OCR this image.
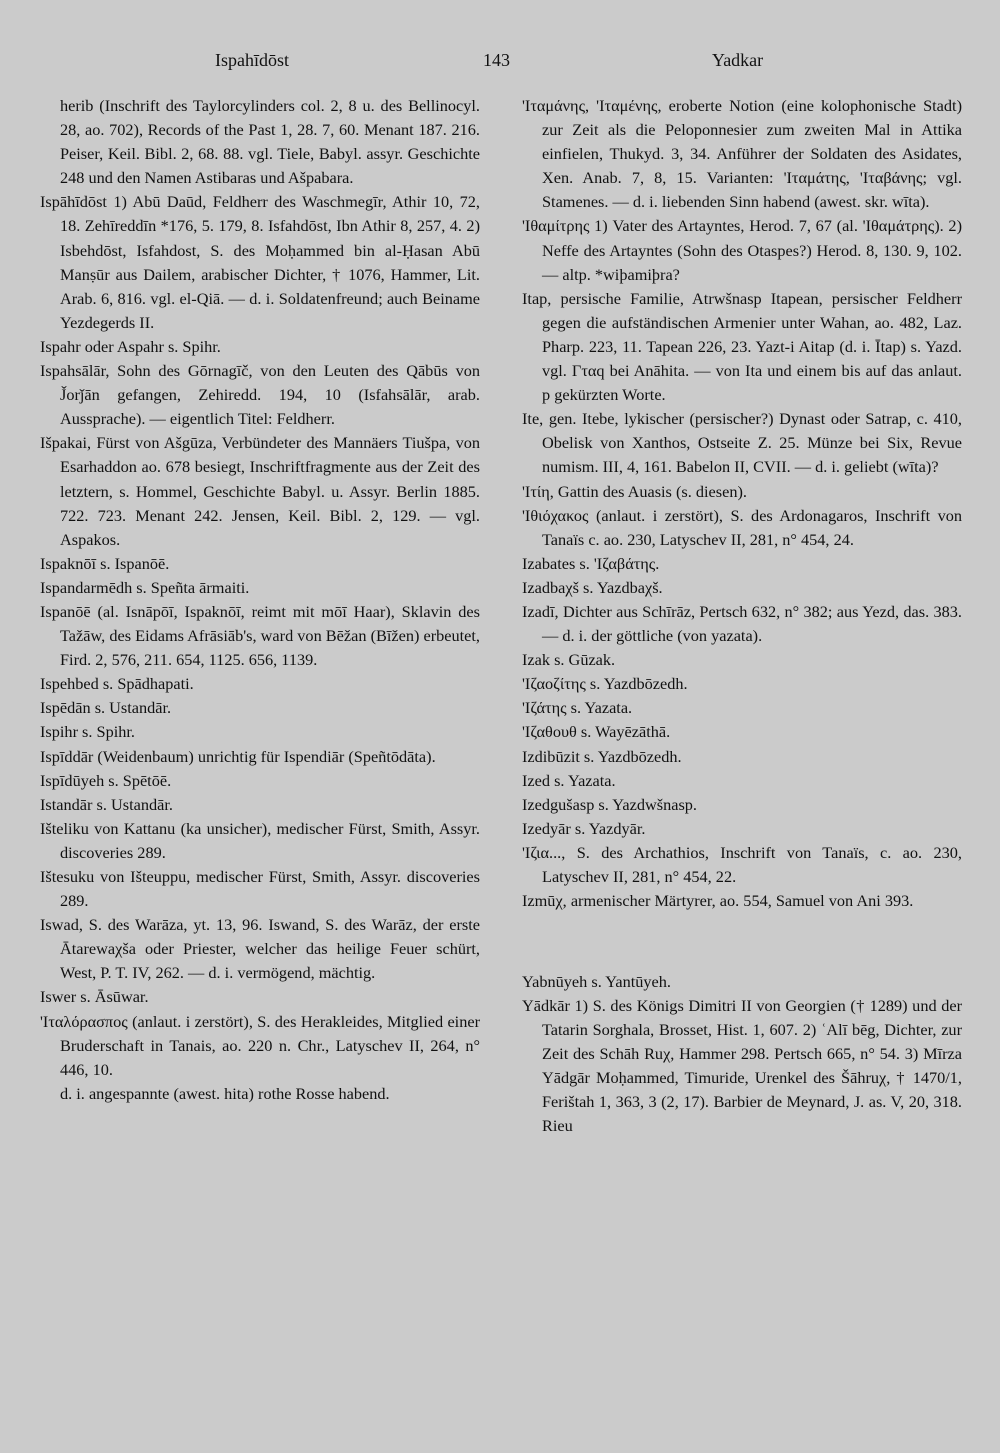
Ispahīdōst	143	Yadkar

herib (Inschrift des Taylorcylinders col. 2, 8 u. des Bellinocyl. 28, ao. 702), Records of the Past 1, 28. 7, 60. Menant 187. 216. Peiser, Keil. Bibl. 2, 68. 88. vgl. Tiele, Babyl. assyr. Geschichte 248 und den Namen Astibaras und Ašpabara.

Ispāhīdōst 1) Abū Daūd, Feldherr des Waschmegīr, Athir 10, 72, 18. Zehīreddīn *176, 5. 179, 8. Isfahdōst, Ibn Athir 8, 257, 4. 2) Isbehdōst, Isfahdost, S. des Moḥammed bin al-Ḥasan Abū Manṣūr aus Dailem, arabischer Dichter, † 1076, Hammer, Lit. Arab. 6, 816. vgl. el-Qiā. — d. i. Soldatenfreund; auch Beiname Yezdegerds II.

Ispahr oder Aspahr s. Spihr.

Ispahsālār, Sohn des Gōrnagīč, von den Leuten des Qābūs von J̌orǰān gefangen, Zehiredd. 194, 10 (Isfahsālār, arab. Aussprache). — eigentlich Titel: Feldherr.

Išpakai, Fürst von Ašgūza, Verbündeter des Mannäers Tiušpa, von Esarhaddon ao. 678 besiegt, Inschriftfragmente aus der Zeit des letztern, s. Hommel, Geschichte Babyl. u. Assyr. Berlin 1885. 722. 723. Menant 242. Jensen, Keil. Bibl. 2, 129. — vgl. Aspakos.

Ispaknōī s. Ispanōē.

Ispandarmēdh s. Speñta ārmaiti.

Ispanōē (al. Isnāpōī, Ispaknōī, reimt mit mōī Haar), Sklavin des Tažāw, des Eidams Afrāsiāb's, ward von Bēžan (Bīžen) erbeutet, Fird. 2, 576, 211. 654, 1125. 656, 1139.

Ispehbed s. Spādhapati.

Ispēdān s. Ustandār.

Ispihr s. Spihr.

Ispīddār (Weidenbaum) unrichtig für Ispendiār (Speñtōdāta).

Ispīdūyeh s. Spētōē.

Istandār s. Ustandār.

Išteliku von Kattanu (ka unsicher), medischer Fürst, Smith, Assyr. discoveries 289.

Ištesuku von Išteuppu, medischer Fürst, Smith, Assyr. discoveries 289.

Iswad, S. des Warāza, yt. 13, 96. Iswand, S. des Warāz, der erste Ātarewaχša oder Priester, welcher das heilige Feuer schürt, West, P. T. IV, 262. — d. i. vermögend, mächtig.

Iswer s. Āsūwar.

'Ιταλόρασπος (anlaut. i zerstört), S. des Herakleides, Mitglied einer Bruderschaft in Tanais, ao. 220 n. Chr., Latyschev II, 264, n° 446, 10.

d. i. angespannte (awest. hita) rothe Rosse habend.

'Ιταμάνης, 'Ιταμένης, eroberte Notion (eine kolophonische Stadt) zur Zeit als die Peloponnesier zum zweiten Mal in Attika einfielen, Thukyd. 3, 34. Anführer der Soldaten des Asidates, Xen. Anab. 7, 8, 15. Varianten: 'Ιταμάτης, 'Ιταβάνης; vgl. Stamenes. — d. i. liebenden Sinn habend (awest. skr. wīta).

'Ιθαμίτρης 1) Vater des Artayntes, Herod. 7, 67 (al. 'Ιθαμάτρης). 2) Neffe des Artayntes (Sohn des Otaspes?) Herod. 8, 130. 9, 102. — altp. *wiþamiþra?

Itap, persische Familie, Atrwšnasp Itapean, persischer Feldherr gegen die aufständischen Armenier unter Wahan, ao. 482, Laz. Pharp. 223, 11. Tapean 226, 23. Yazt-i Aitap (d. i. Ītap) s. Yazd. vgl. Γταq bei Anāhita. — von Ita und einem bis auf das anlaut. p gekürzten Worte.

Ite, gen. Itebe, lykischer (persischer?) Dynast oder Satrap, c. 410, Obelisk von Xanthos, Ostseite Z. 25. Münze bei Six, Revue numism. III, 4, 161. Babelon II, CVII. — d. i. geliebt (wīta)?

'Ιτίη, Gattin des Auasis (s. diesen).

'Ιθιόχακος (anlaut. i zerstört), S. des Ardonagaros, Inschrift von Tanaïs c. ao. 230, Latyschev II, 281, n° 454, 24.

Izabates s. 'Ιζαβάτης.

Izadbaχš s. Yazdbaχš.

Izadī, Dichter aus Schīrāz, Pertsch 632, n° 382; aus Yezd, das. 383. — d. i. der göttliche (von yazata).

Izak s. Gūzak.

'Ιζαοζίτης s. Yazdbōzedh.

'Ιζάτης s. Yazata.

'Ιζαθουθ s. Wayēzāthā.

Izdibūzit s. Yazdbōzedh.

Ized s. Yazata.

Izedgušasp s. Yazdwšnasp.

Izedyār s. Yazdyār.

'Ιζια..., S. des Archathios, Inschrift von Tanaïs, c. ao. 230, Latyschev II, 281, n° 454, 22.

Izmūχ, armenischer Märtyrer, ao. 554, Samuel von Ani 393.

Yabnūyeh s. Yantūyeh.

Yādkār 1) S. des Königs Dimitri II von Georgien († 1289) und der Tatarin Sorghala, Brosset, Hist. 1, 607. 2) ʿAlī bēg, Dichter, zur Zeit des Schāh Ruχ, Hammer 298. Pertsch 665, n° 54. 3) Mīrza Yādgār Moḥammed, Timuride, Urenkel des Šāhruχ, † 1470/1, Ferištah 1, 363, 3 (2, 17). Barbier de Meynard, J. as. V, 20, 318. Rieu
